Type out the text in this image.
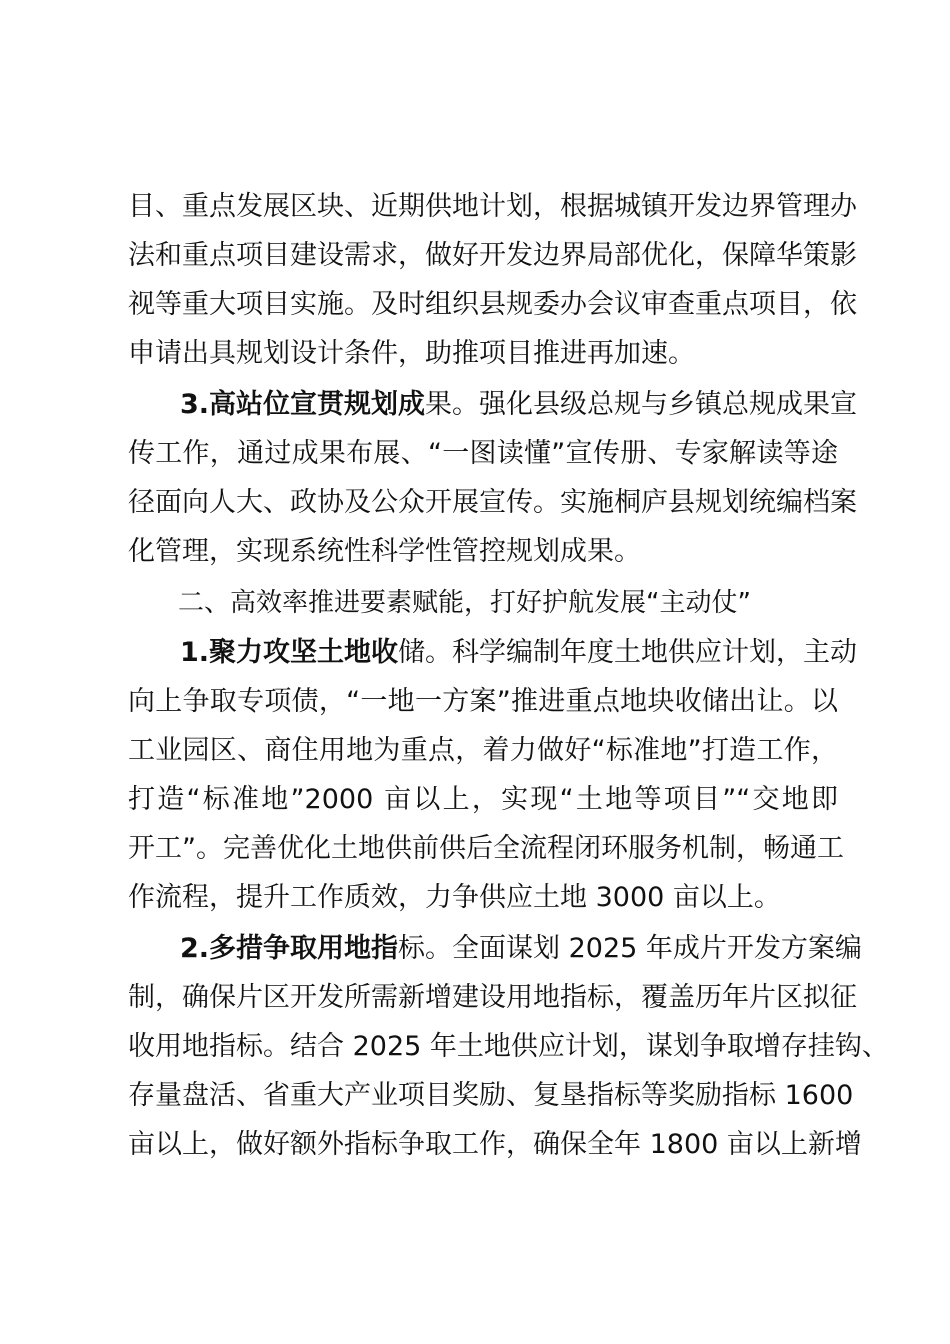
目、重点发展区块、近期供地计划，根据城镇开发边界管理办
法和重点项目建设需求，做好开发边界局部优化，保障华策影
视等重大项目实施。及时组织县规委办会议审查重点项目，依
申请出具规划设计条件，助推项目推进再加速。
3.高站位宣贯规划成果。强化县级总规与乡镇总规成果宣
传工作，通过成果布展、“一图读懂”宣传册、专家解读等途
径面向人大、政协及公众开展宣传。实施桐庐县规划统编档案
化管理，实现系统性科学性管控规划成果。
二、高效率推进要素赋能，打好护航发展“主动仗”
1.聚力攻坚土地收储。科学编制年度土地供应计划，主动
向上争取专项债，“一地一方案”推进重点地块收储出让。以
工业园区、商住用地为重点，着力做好“标准地”打造工作，
打造“标准地”2000 亩以上，实现“土地等项目”“交地即
开工”。完善优化土地供前供后全流程闭环服务机制，畅通工
作流程，提升工作质效，力争供应土地 3000 亩以上。
2.多措争取用地指标。全面谋划 2025 年成片开发方案编
制，确保片区开发所需新增建设用地指标，覆盖历年片区拟征
收用地指标。结合 2025 年土地供应计划，谋划争取增存挂钩、
存量盘活、省重大产业项目奖励、复垦指标等奖励指标 1600
亩以上，做好额外指标争取工作，确保全年 1800 亩以上新增
